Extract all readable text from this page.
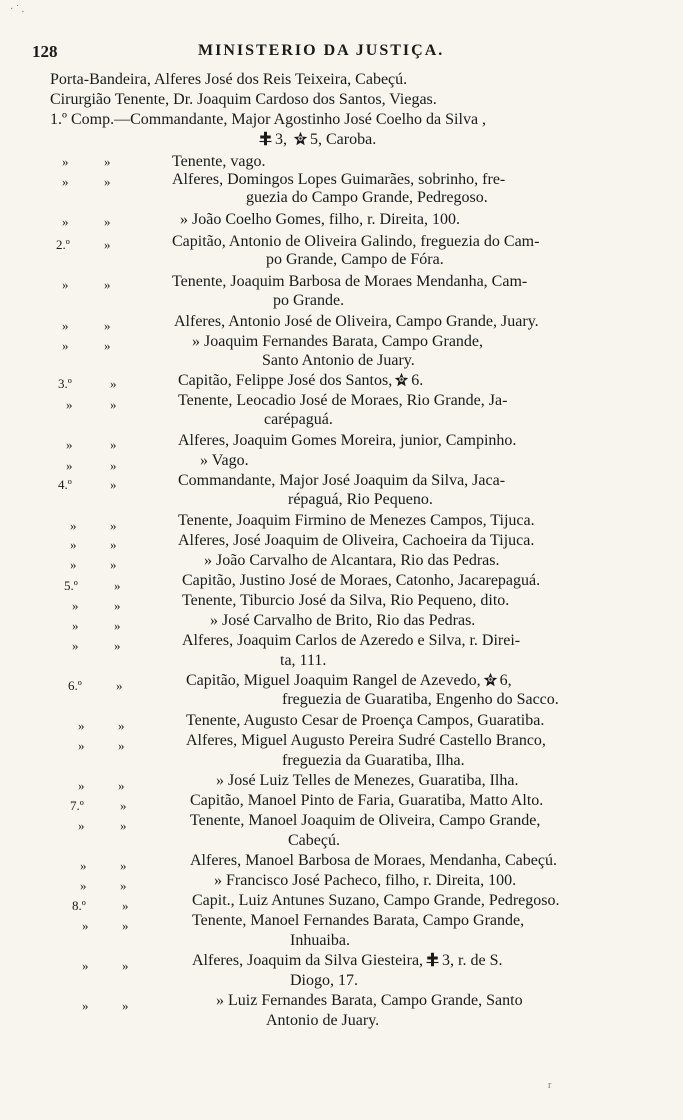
· ˙ .
128	MINISTERIO DA JUSTIÇA.
Porta-Bandeira, Alferes José dos Reis Teixeira, Cabeçú.
Cirurgião Tenente, Dr. Joaquim Cardoso dos Santos, Viegas.
1.º Comp.—Commandante, Major Agostinho José Coelho da Silva ,
3, 5, Caroba.
»	»	Tenente, vago.
»	»	Alferes, Domingos Lopes Guimarães, sobrinho, fre-
guezia do Campo Grande, Pedregoso.
»	»	» João Coelho Gomes, filho, r. Direita, 100.
2.º	»	Capitão, Antonio de Oliveira Galindo, freguezia do Cam-
po Grande, Campo de Fóra.
»	»	Tenente, Joaquim Barbosa de Moraes Mendanha, Cam-
po Grande.
»	»	Alferes, Antonio José de Oliveira, Campo Grande, Juary.
»	»	» Joaquim Fernandes Barata, Campo Grande,
Santo Antonio de Juary.
3.º	»	Capitão, Felippe José dos Santos, 6.
»	»	Tenente, Leocadio José de Moraes, Rio Grande, Ja-
carépaguá.
»	»	Alferes, Joaquim Gomes Moreira, junior, Campinho.
»	»	» Vago.
4.º	»	Commandante, Major José Joaquim da Silva, Jaca-
répaguá, Rio Pequeno.
»	»	Tenente, Joaquim Firmino de Menezes Campos, Tijuca.
»	»	Alferes, José Joaquim de Oliveira, Cachoeira da Tijuca.
»	»	» João Carvalho de Alcantara, Rio das Pedras.
5.º	»	Capitão, Justino José de Moraes, Catonho, Jacarepaguá.
»	»	Tenente, Tiburcio José da Silva, Rio Pequeno, dito.
»	»	» José Carvalho de Brito, Rio das Pedras.
»	»	Alferes, Joaquim Carlos de Azeredo e Silva, r. Direi-
ta, 111.
6.º	»	Capitão, Miguel Joaquim Rangel de Azevedo, 6,
freguezia de Guaratiba, Engenho do Sacco.
»	»	Tenente, Augusto Cesar de Proença Campos, Guaratiba.
»	»	Alferes, Miguel Augusto Pereira Sudré Castello Branco,
freguezia da Guaratiba, Ilha.
»	»	» José Luiz Telles de Menezes, Guaratiba, Ilha.
7.º	»	Capitão, Manoel Pinto de Faria, Guaratiba, Matto Alto.
»	»	Tenente, Manoel Joaquim de Oliveira, Campo Grande,
Cabeçú.
»	»	Alferes, Manoel Barbosa de Moraes, Mendanha, Cabeçú.
»	»	» Francisco José Pacheco, filho, r. Direita, 100.
8.º	»	Capit., Luiz Antunes Suzano, Campo Grande, Pedregoso.
»	»	Tenente, Manoel Fernandes Barata, Campo Grande,
Inhuaiba.
»	»	Alferes, Joaquim da Silva Giesteira, 3, r. de S.
Diogo, 17.
»	»	» Luiz Fernandes Barata, Campo Grande, Santo
Antonio de Juary.
r
